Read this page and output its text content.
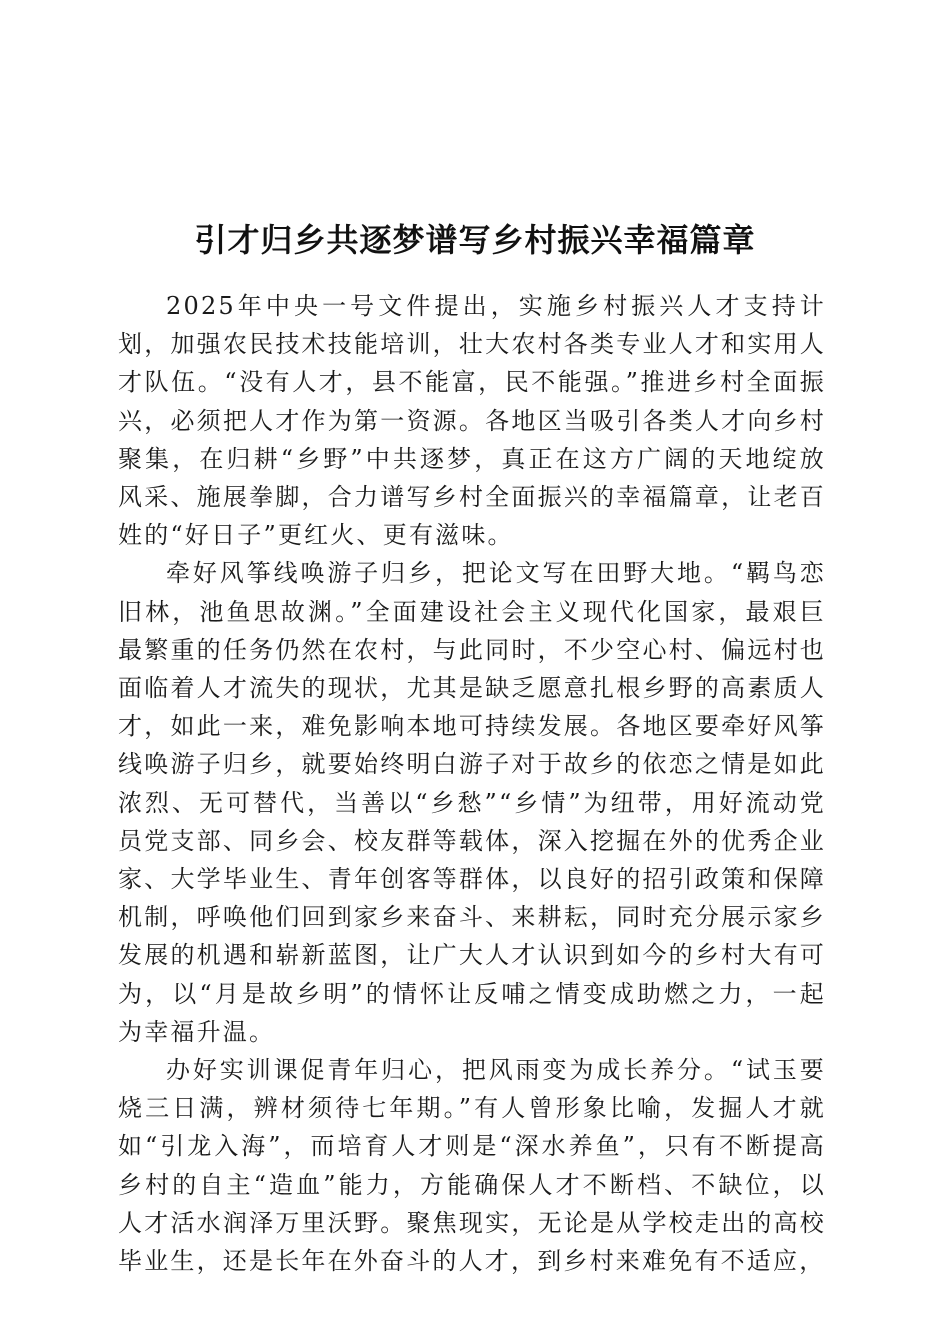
引才归乡共逐梦谱写乡村振兴幸福篇章

2025年中央一号文件提出，实施乡村振兴人才支持计划，加强农民技术技能培训，壮大农村各类专业人才和实用人才队伍。“没有人才，县不能富，民不能强。”推进乡村全面振兴，必须把人才作为第一资源。各地区当吸引各类人才向乡村聚集，在归耕“乡野”中共逐梦，真正在这方广阔的天地绽放风采、施展拳脚，合力谱写乡村全面振兴的幸福篇章，让老百姓的“好日子”更红火、更有滋味。

牵好风筝线唤游子归乡，把论文写在田野大地。“羁鸟恋旧林，池鱼思故渊。”全面建设社会主义现代化国家，最艰巨最繁重的任务仍然在农村，与此同时，不少空心村、偏远村也面临着人才流失的现状，尤其是缺乏愿意扎根乡野的高素质人才，如此一来，难免影响本地可持续发展。各地区要牵好风筝线唤游子归乡，就要始终明白游子对于故乡的依恋之情是如此浓烈、无可替代，当善以“乡愁”“乡情”为纽带，用好流动党员党支部、同乡会、校友群等载体，深入挖掘在外的优秀企业家、大学毕业生、青年创客等群体，以良好的招引政策和保障机制，呼唤他们回到家乡来奋斗、来耕耘，同时充分展示家乡发展的机遇和崭新蓝图，让广大人才认识到如今的乡村大有可为，以“月是故乡明”的情怀让反哺之情变成助燃之力，一起为幸福升温。

办好实训课促青年归心，把风雨变为成长养分。“试玉要烧三日满，辨材须待七年期。”有人曾形象比喻，发掘人才就如“引龙入海”，而培育人才则是“深水养鱼”，只有不断提高乡村的自主“造血”能力，方能确保人才不断档、不缺位，以人才活水润泽万里沃野。聚焦现实，无论是从学校走出的高校毕业生，还是长年在外奋斗的人才，到乡村来难免有不适应，
